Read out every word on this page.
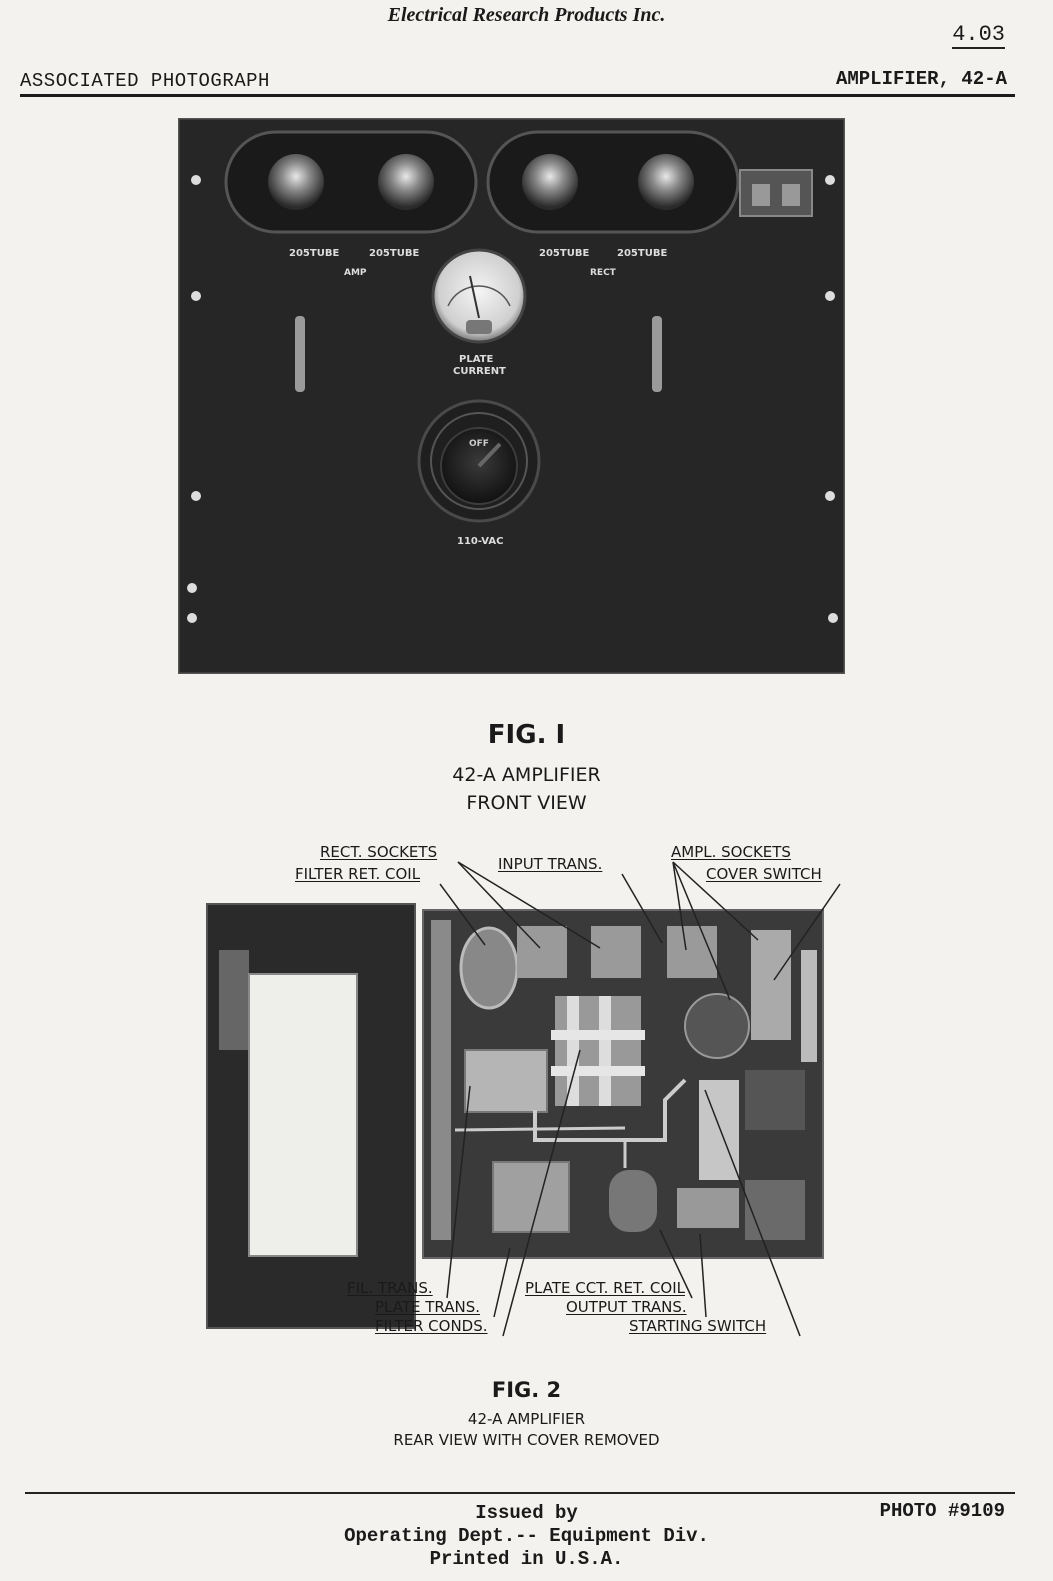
Electrical Research Products Inc.
4.03
ASSOCIATED PHOTOGRAPH	AMPLIFIER, 42-A
205TUBE	205TUBE	205TUBE	205TUBE
AMP	RECT
PLATE
CURRENT
OFF
110-VAC
FIG. I
42-A AMPLIFIER
FRONT VIEW
RECT. SOCKETS
FILTER RET. COIL
INPUT TRANS.
AMPL. SOCKETS
COVER SWITCH
FIL. TRANS.
PLATE TRANS.
FILTER CONDS.
PLATE CCT. RET. COIL
OUTPUT TRANS.
STARTING SWITCH
FIG. 2
42-A AMPLIFIER
REAR VIEW WITH COVER REMOVED
Issued by
Operating Dept.-- Equipment Div.
Printed in U.S.A.
PHOTO #9109
